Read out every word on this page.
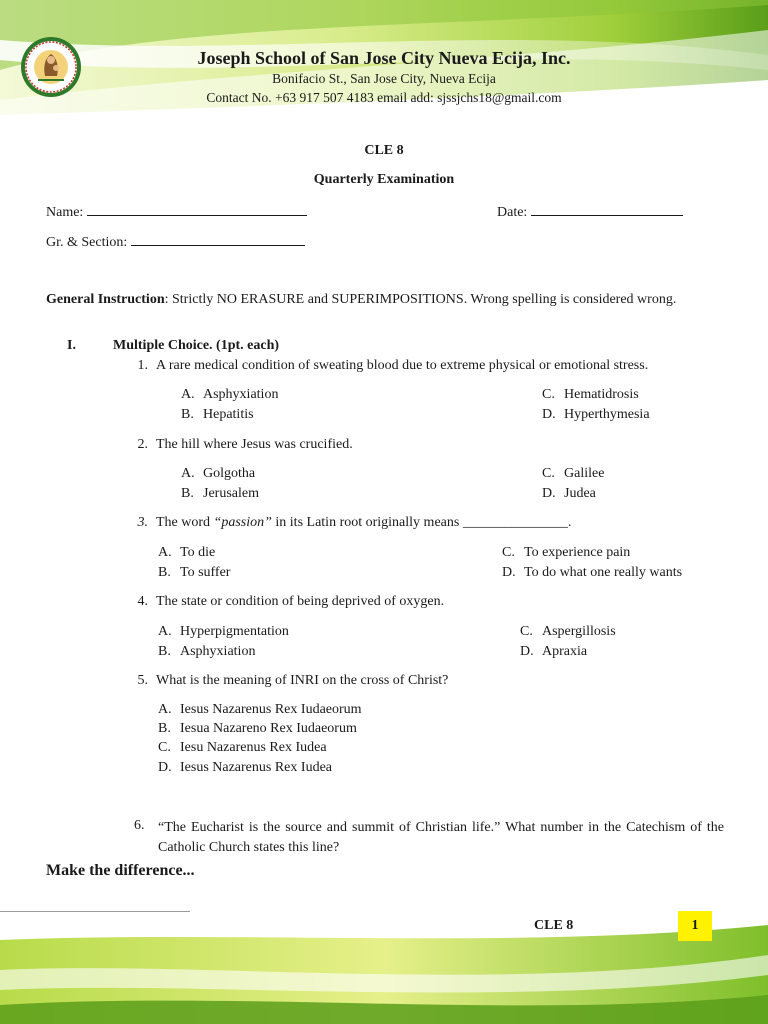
Joseph School of San Jose City Nueva Ecija, Inc.
Bonifacio St., San Jose City, Nueva Ecija
Contact No. +63 917 507 4183 email add: sjssjchs18@gmail.com
CLE 8
Quarterly Examination
Name:	Date:
Gr. & Section:
General Instruction: Strictly NO ERASURE and SUPERIMPOSITIONS. Wrong spelling is considered wrong.
I.	Multiple Choice. (1pt. each)
1. A rare medical condition of sweating blood due to extreme physical or emotional stress.
A. Asphyxiation
B. Hepatitis
C. Hematidrosis
D. Hyperthymesia
2. The hill where Jesus was crucified.
A. Golgotha
B. Jerusalem
C. Galilee
D. Judea
3. The word “passion” in its Latin root originally means _______________.
A. To die
B. To suffer
C. To experience pain
D. To do what one really wants
4. The state or condition of being deprived of oxygen.
A. Hyperpigmentation
B. Asphyxiation
C. Aspergillosis
D. Apraxia
5. What is the meaning of INRI on the cross of Christ?
A. Iesus Nazarenus Rex Iudaeorum
B. Iesua Nazareno Rex Iudaeorum
C. Iesu Nazarenus Rex Iudea
D. Iesus Nazarenus Rex Iudea
6. “The Eucharist is the source and summit of Christian life.” What number in the Catechism of the Catholic Church states this line?
Make the difference...
CLE 8	1
